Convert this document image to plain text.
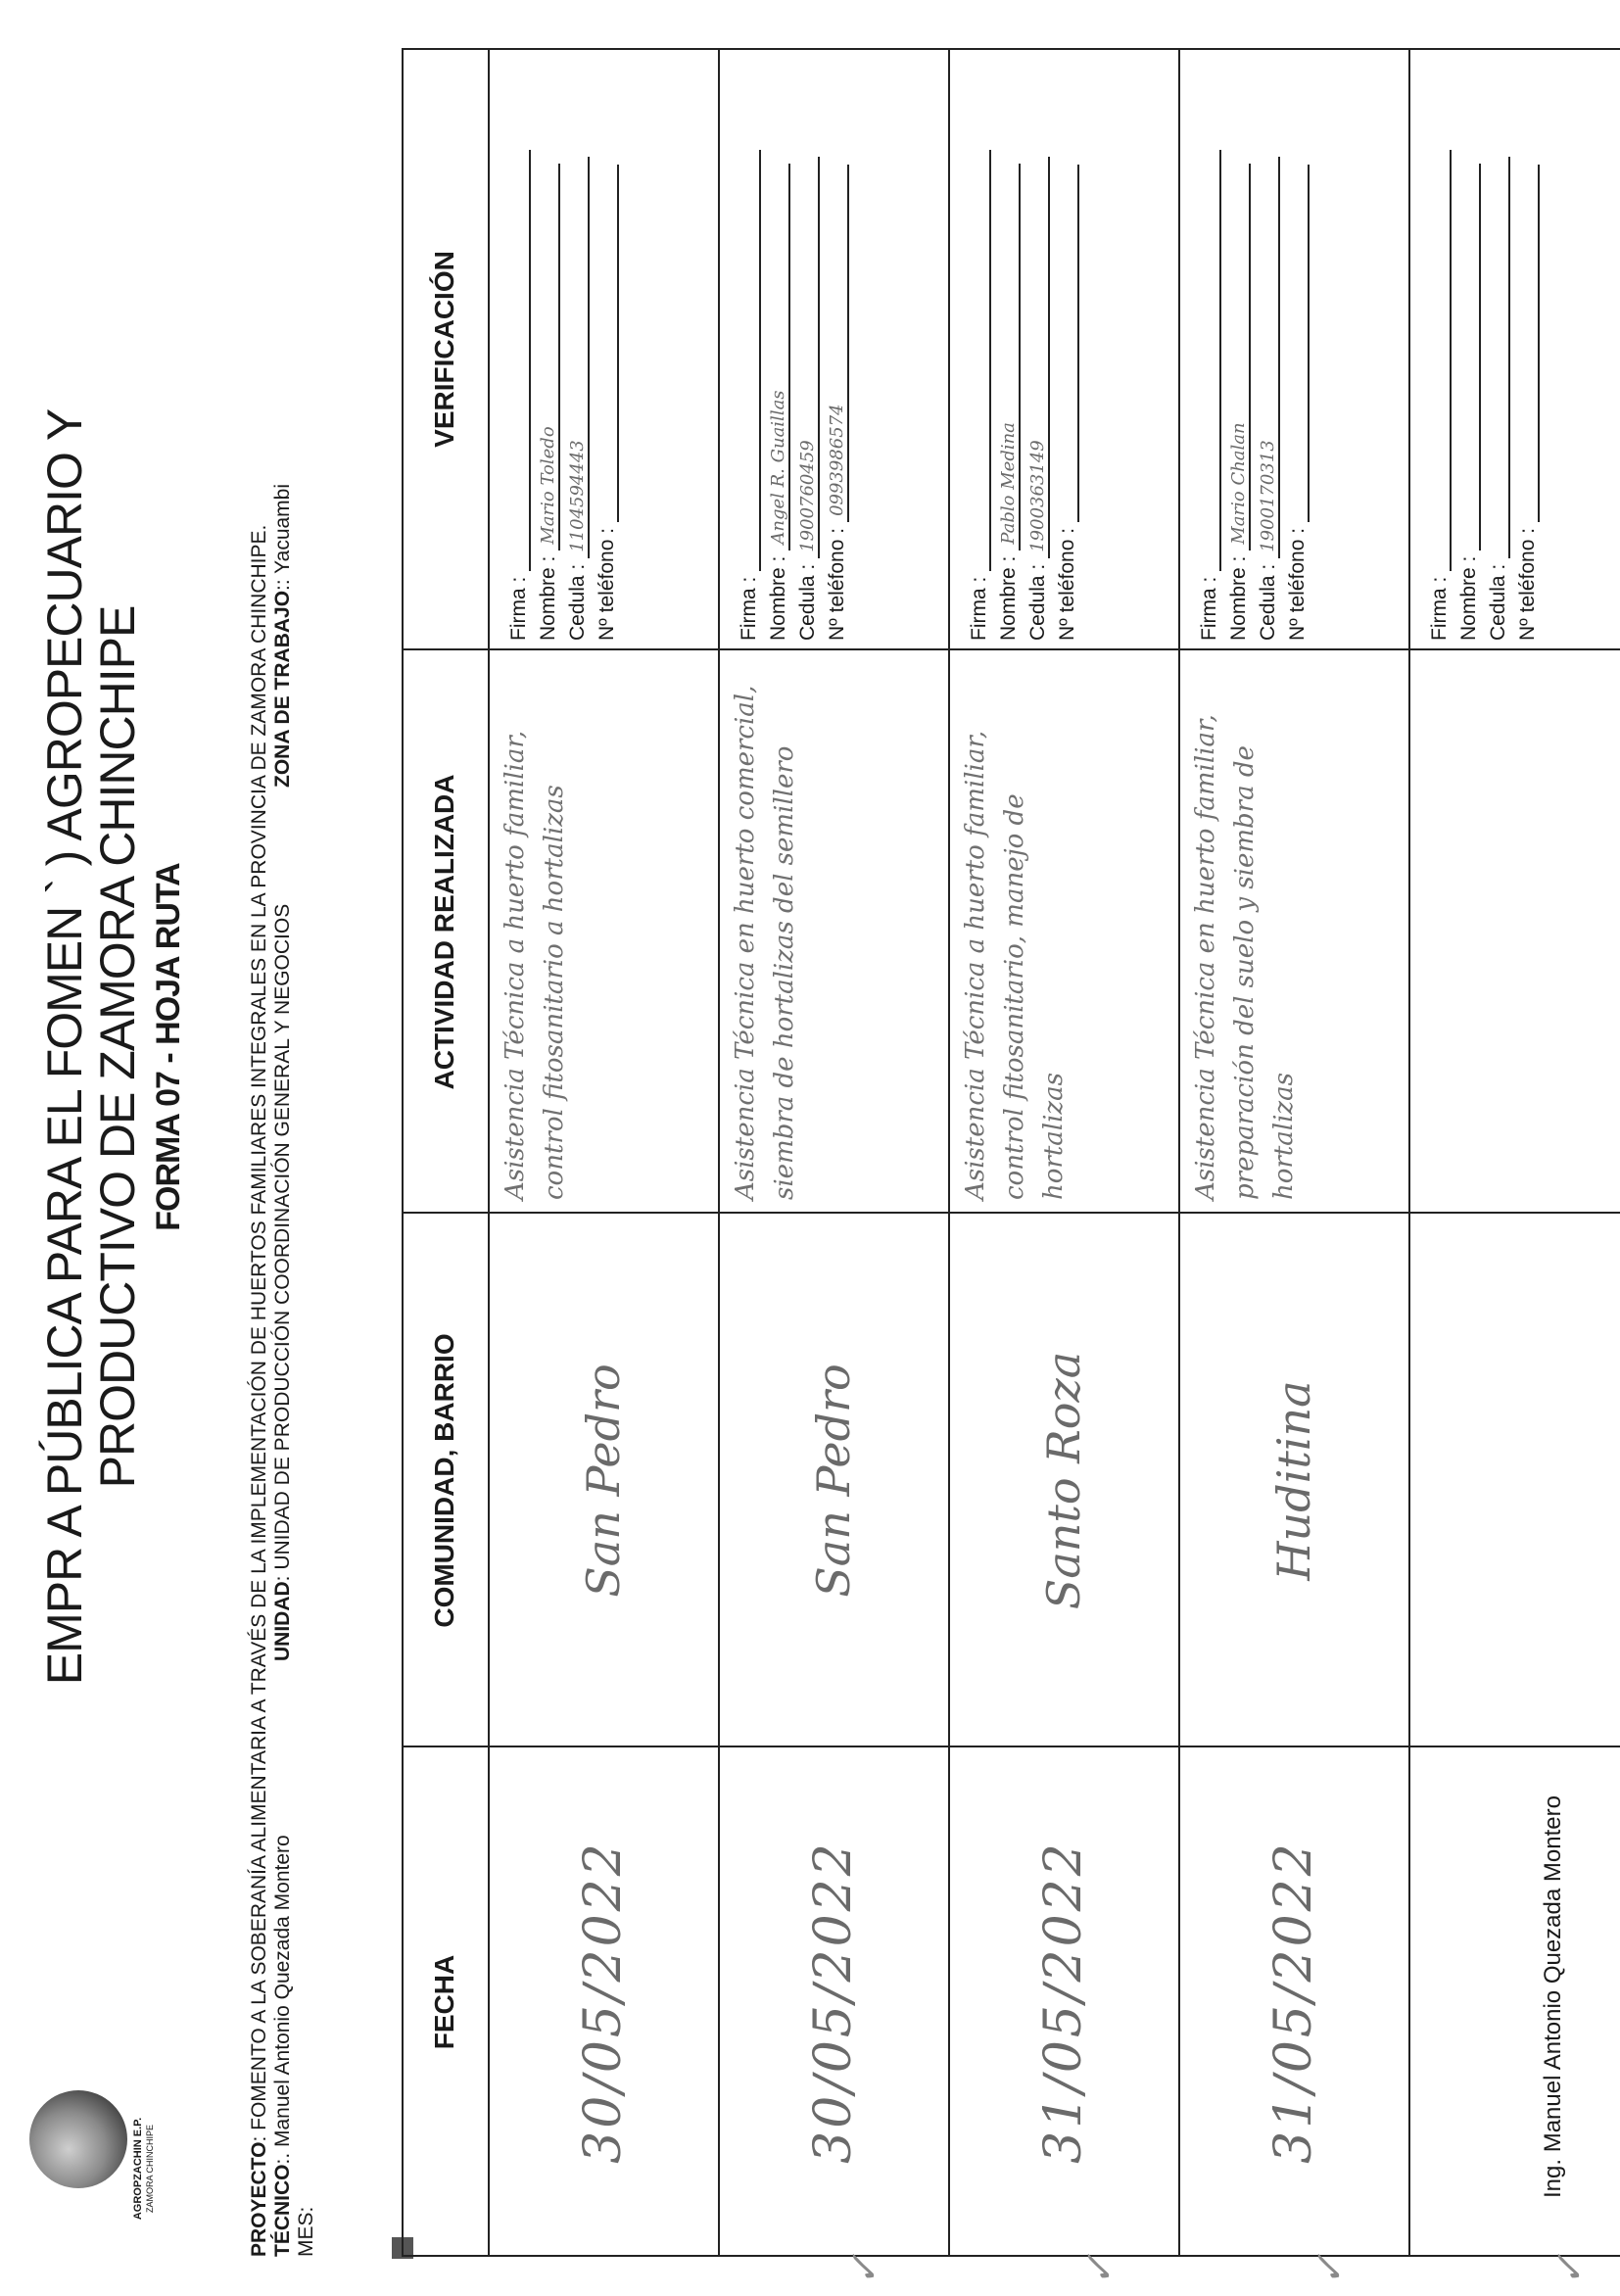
AGROPZACHIN E.P. ZAMORA CHINCHIPE
EMPR A PÚBLICA PARA EL FOMEN ` ) AGROPECUARIO Y
PRODUCTIVO DE ZAMORA CHINCHIPE FORMA 07 - HOJA RUTA
PROYECTO: FOMENTO A LA SOBERANÍA ALIMENTARIA A TRAVÉS DE LA IMPLEMENTACIÓN DE HUERTOS FAMILIARES INTEGRALES EN LA PROVINCIA DE ZAMORA CHINCHIPE.
TÉCNICO:. Manuel Antonio Quezada Montero
UNIDAD: UNIDAD DE PRODUCCIÓN COORDINACIÓN GENERAL Y NEGOCIOS
ZONA DE TRABAJO:: Yacuambi
MES:
FECHA
COMUNIDAD, BARRIO
ACTIVIDAD REALIZADA
VERIFICACIÓN
30/05/2022
San Pedro
Asistencia Técnica a huerto familiar, control fitosanitario a hortalizas
Firma : Nombre :
Mario Toledo
Cedula :
1104594443
Nº teléfono :
30/05/2022
San Pedro
Asistencia Técnica en huerto comercial, siembra de hortalizas del semillero
Firma : Nombre :
Angel R. Guaillas
Cedula :
1900760459
Nº teléfono :
0993986574
31/05/2022
Santo Roza
Asistencia Técnica a huerto familiar, control fitosanitario, manejo de hortalizas
Firma : Nombre :
Pablo Medina
Cedula :
1900363149
Nº teléfono :
31/05/2022
Huditina
Asistencia Técnica en huerto familiar, preparación del suelo y siembra de hortalizas
Firma : Nombre :
Mario Chalan
Cedula :
1900170313
Nº teléfono :	Firma : Nombre : Cedula : Nº teléfono :
Ing. Manuel Antonio Quezada Montero
✓
✓
✓
✓
